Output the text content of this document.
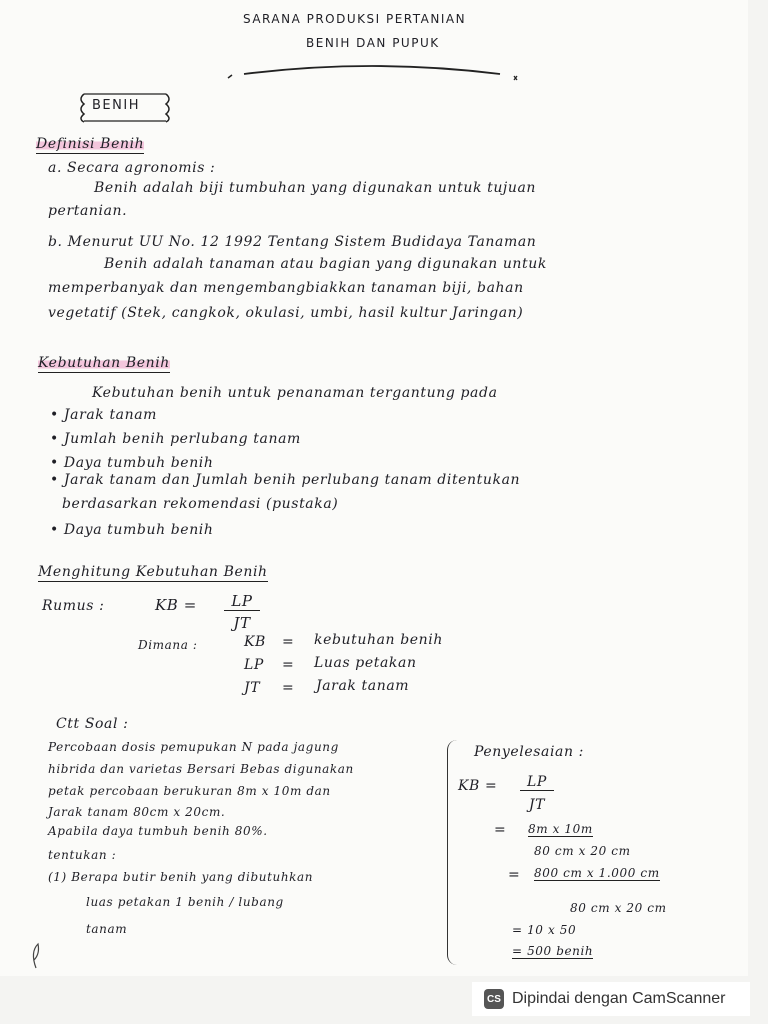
SARANA PRODUKSI PERTANIAN
BENIH DAN PUPUK
BENIH
Definisi Benih
a. Secara agronomis :
Benih adalah biji tumbuhan yang digunakan untuk tujuan
pertanian.
b. Menurut UU No. 12 1992 Tentang Sistem Budidaya Tanaman
Benih adalah tanaman atau bagian yang digunakan untuk
memperbanyak dan mengembangbiakkan tanaman biji, bahan
vegetatif (Stek, cangkok, okulasi, umbi, hasil kultur Jaringan)
Kebutuhan Benih
Kebutuhan benih untuk penanaman tergantung pada
• Jarak tanam
• Jumlah benih perlubang tanam
• Daya tumbuh benih
• Jarak tanam dan Jumlah benih perlubang tanam ditentukan
berdasarkan rekomendasi (pustaka)
• Daya tumbuh benih
Menghitung Kebutuhan Benih
Rumus :	KB =	LP
JT
Dimana :	KB = kebutuhan benih
LP = Luas petakan
JT = Jarak tanam
Ctt Soal :
Percobaan dosis pemupukan N pada jagung
hibrida dan varietas Bersari Bebas digunakan
petak percobaan berukuran 8m x 10m dan
Jarak tanam 80cm x 20cm.
Apabila daya tumbuh benih 80%.
tentukan :
(1) Berapa butir benih yang dibutuhkan
luas petakan 1 benih / lubang
tanam
Penyelesaian :
KB =	LP
JT
= 8m x 10m
80 cm x 20 cm
= 800 cm x 1.000 cm
80 cm x 20 cm
= 10 x 50
= 500 benih
CS Dipindai dengan CamScanner
